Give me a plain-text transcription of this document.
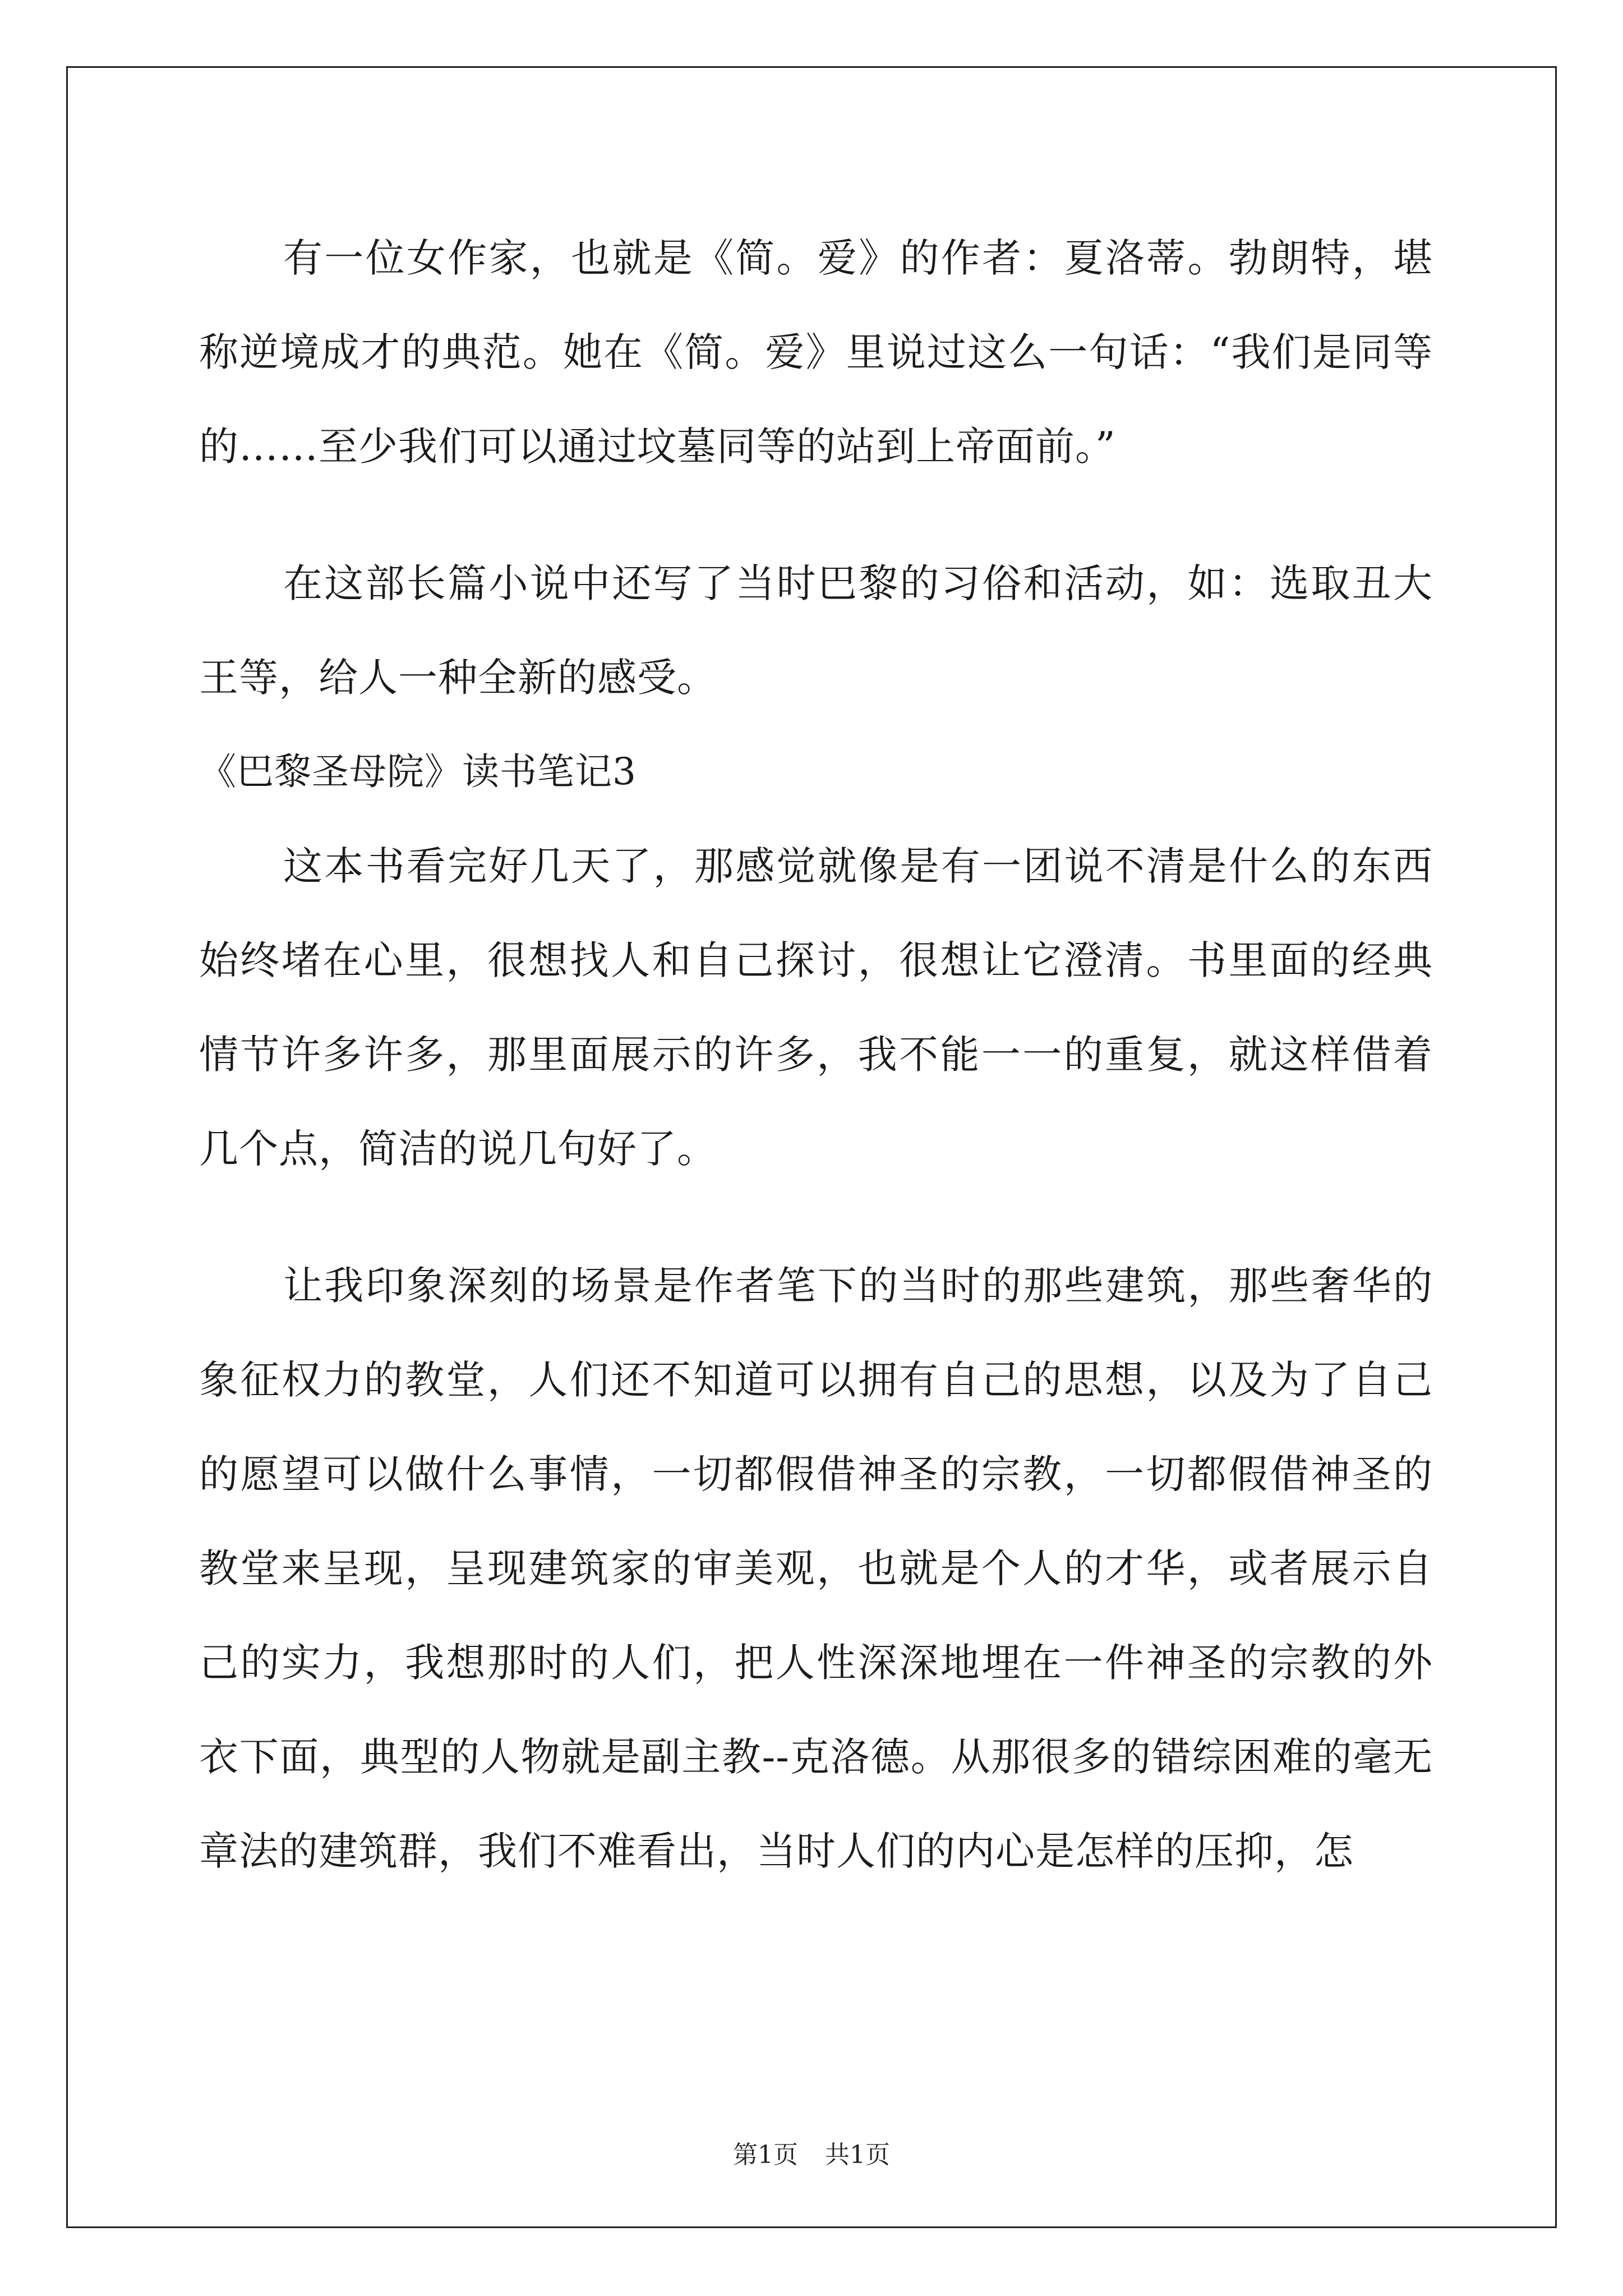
有一位女作家，也就是《简。爱》的作者：夏洛蒂。勃朗特，堪称逆境成才的典范。她在《简。爱》里说过这么一句话：“我们是同等的……至少我们可以通过坟墓同等的站到上帝面前。”

在这部长篇小说中还写了当时巴黎的习俗和活动，如：选取丑大王等，给人一种全新的感受。

《巴黎圣母院》读书笔记3

这本书看完好几天了，那感觉就像是有一团说不清是什么的东西始终堵在心里，很想找人和自己探讨，很想让它澄清。书里面的经典情节许多许多，那里面展示的许多，我不能一一的重复，就这样借着几个点，简洁的说几句好了。

让我印象深刻的场景是作者笔下的当时的那些建筑，那些奢华的象征权力的教堂，人们还不知道可以拥有自己的思想，以及为了自己的愿望可以做什么事情，一切都假借神圣的宗教，一切都假借神圣的教堂来呈现，呈现建筑家的审美观，也就是个人的才华，或者展示自己的实力，我想那时的人们，把人性深深地埋在一件神圣的宗教的外衣下面，典型的人物就是副主教--克洛德。从那很多的错综困难的毫无章法的建筑群，我们不难看出，当时人们的内心是怎样的压抑，怎

第1页 共1页
